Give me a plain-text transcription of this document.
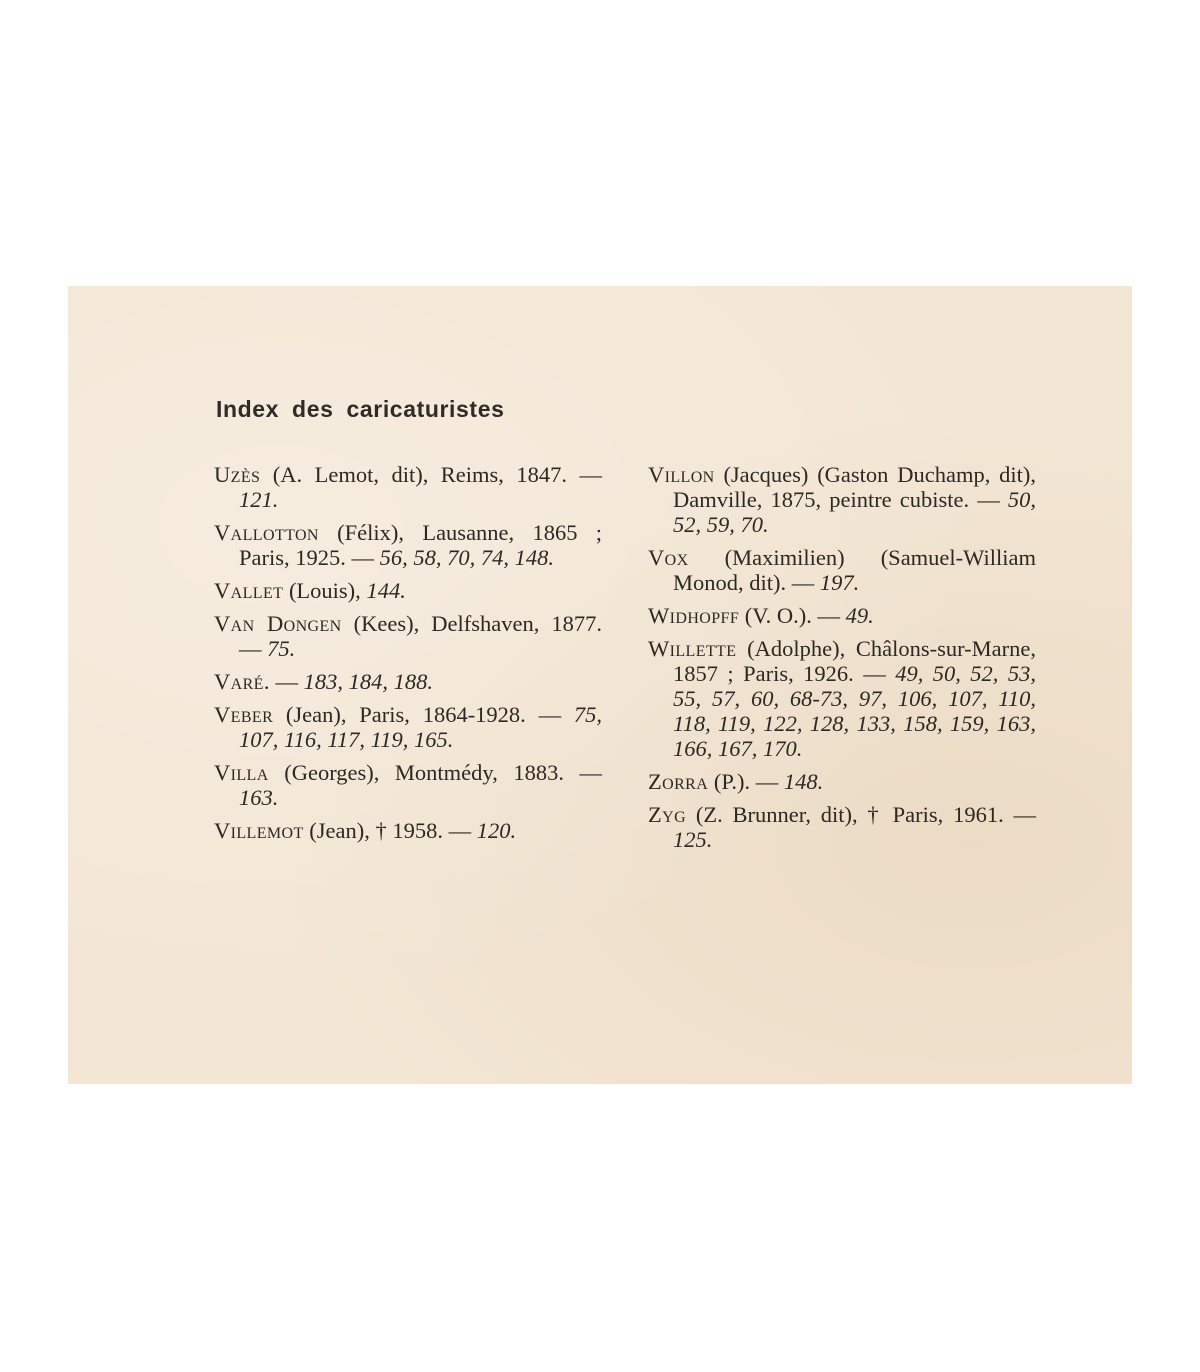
Index des caricaturistes

Uzès (A. Lemot, dit), Reims, 1847. — 121.

Vallotton (Félix), Lausanne, 1865 ; Paris, 1925. — 56, 58, 70, 74, 148.

Vallet (Louis), 144.

Van Dongen (Kees), Delfshaven, 1877. — 75.

Varé. — 183, 184, 188.

Veber (Jean), Paris, 1864-1928. — 75, 107, 116, 117, 119, 165.

Villa (Georges), Montmédy, 1883. — 163.

Villemot (Jean), † 1958. — 120.

Villon (Jacques) (Gaston Duchamp, dit), Damville, 1875, peintre cubiste. — 50, 52, 59, 70.

Vox (Maximilien) (Samuel-William Monod, dit). — 197.

Widhopff (V. O.). — 49.

Willette (Adolphe), Châlons-sur-Marne, 1857 ; Paris, 1926. — 49, 50, 52, 53, 55, 57, 60, 68-73, 97, 106, 107, 110, 118, 119, 122, 128, 133, 158, 159, 163, 166, 167, 170.

Zorra (P.). — 148.

Zyg (Z. Brunner, dit), † Paris, 1961. — 125.
